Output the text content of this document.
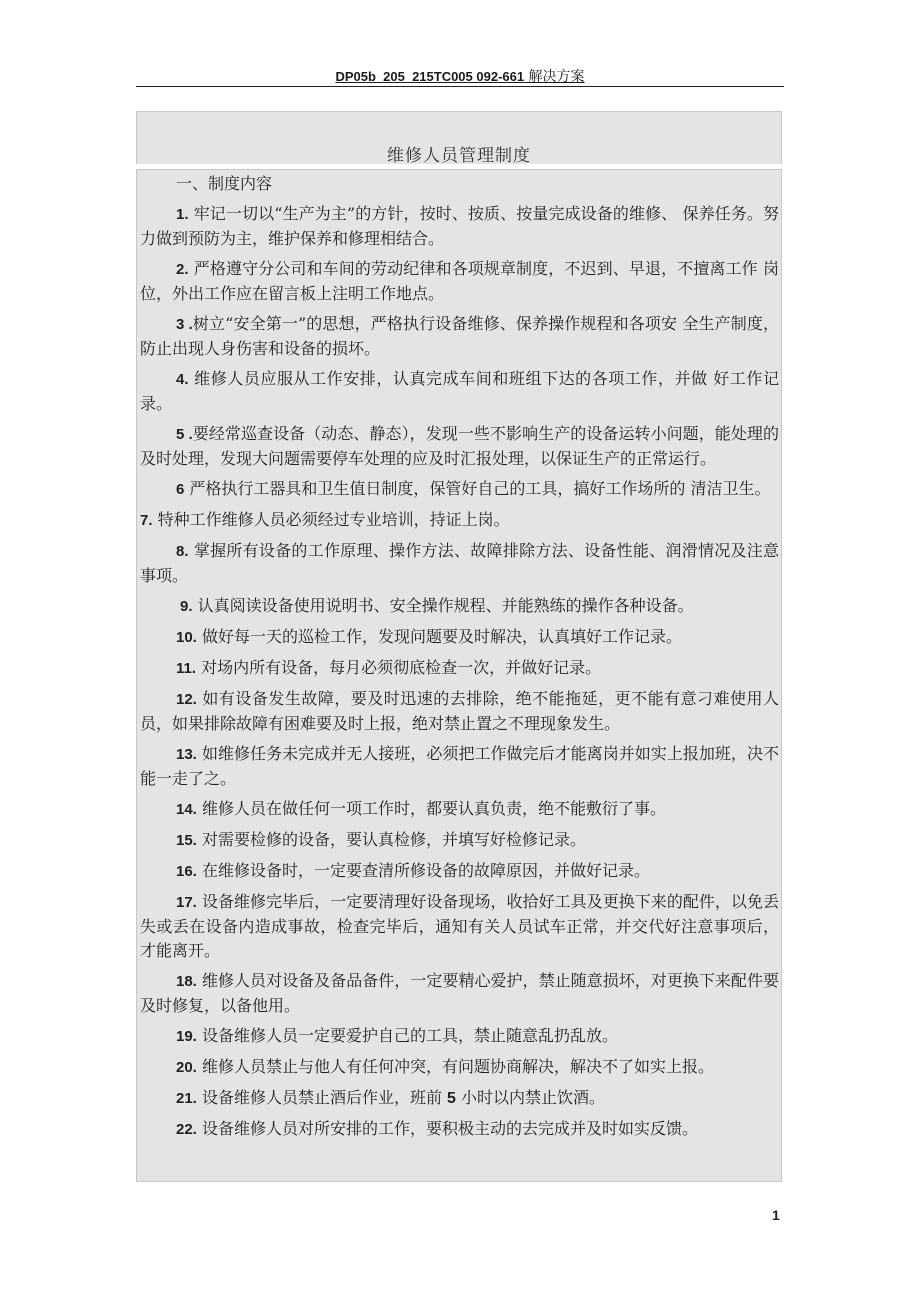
DP05b_205_215TC005 092-661 解决方案
维修人员管理制度

一、制度内容

1. 牢记一切以“生产为主”的方针，按时、按质、按量完成设备的维修、 保养任务。努力做到预防为主，维护保养和修理相结合。

2. 严格遵守分公司和车间的劳动纪律和各项规章制度，不迟到、早退，不擅离工作 岗位，外出工作应在留言板上注明工作地点。

3 .树立“安全第一”的思想，严格执行设备维修、保养操作规程和各项安 全生产制度，防止出现人身伤害和设备的损坏。

4. 维修人员应服从工作安排，认真完成车间和班组下达的各项工作，并做 好工作记录。

5 .要经常巡查设备（动态、静态），发现一些不影响生产的设备运转小问题，能处理的及时处理，发现大问题需要停车处理的应及时汇报处理，以保证生产的正常运行。

6 严格执行工器具和卫生值日制度，保管好自己的工具，搞好工作场所的 清洁卫生。

7. 特种工作维修人员必须经过专业培训，持证上岗。

8. 掌握所有设备的工作原理、操作方法、故障排除方法、设备性能、润滑情况及注意事项。

9. 认真阅读设备使用说明书、安全操作规程、并能熟练的操作各种设备。

10. 做好每一天的巡检工作，发现问题要及时解决，认真填好工作记录。

11. 对场内所有设备，每月必须彻底检查一次，并做好记录。

12. 如有设备发生故障，要及时迅速的去排除，绝不能拖延，更不能有意刁难使用人员，如果排除故障有困难要及时上报，绝对禁止置之不理现象发生。

13. 如维修任务未完成并无人接班，必须把工作做完后才能离岗并如实上报加班，决不能一走了之。

14. 维修人员在做任何一项工作时，都要认真负责，绝不能敷衍了事。

15. 对需要检修的设备，要认真检修，并填写好检修记录。

16. 在维修设备时，一定要查清所修设备的故障原因，并做好记录。

17. 设备维修完毕后，一定要清理好设备现场，收拾好工具及更换下来的配件，以免丢失或丢在设备内造成事故，检查完毕后，通知有关人员试车正常，并交代好注意事项后，才能离开。

18. 维修人员对设备及备品备件，一定要精心爱护，禁止随意损坏，对更换下来配件要及时修复，以备他用。

19. 设备维修人员一定要爱护自己的工具，禁止随意乱扔乱放。

20. 维修人员禁止与他人有任何冲突，有问题协商解决，解决不了如实上报。

21. 设备维修人员禁止酒后作业，班前 5 小时以内禁止饮酒。

22. 设备维修人员对所安排的工作，要积极主动的去完成并及时如实反馈。

1
